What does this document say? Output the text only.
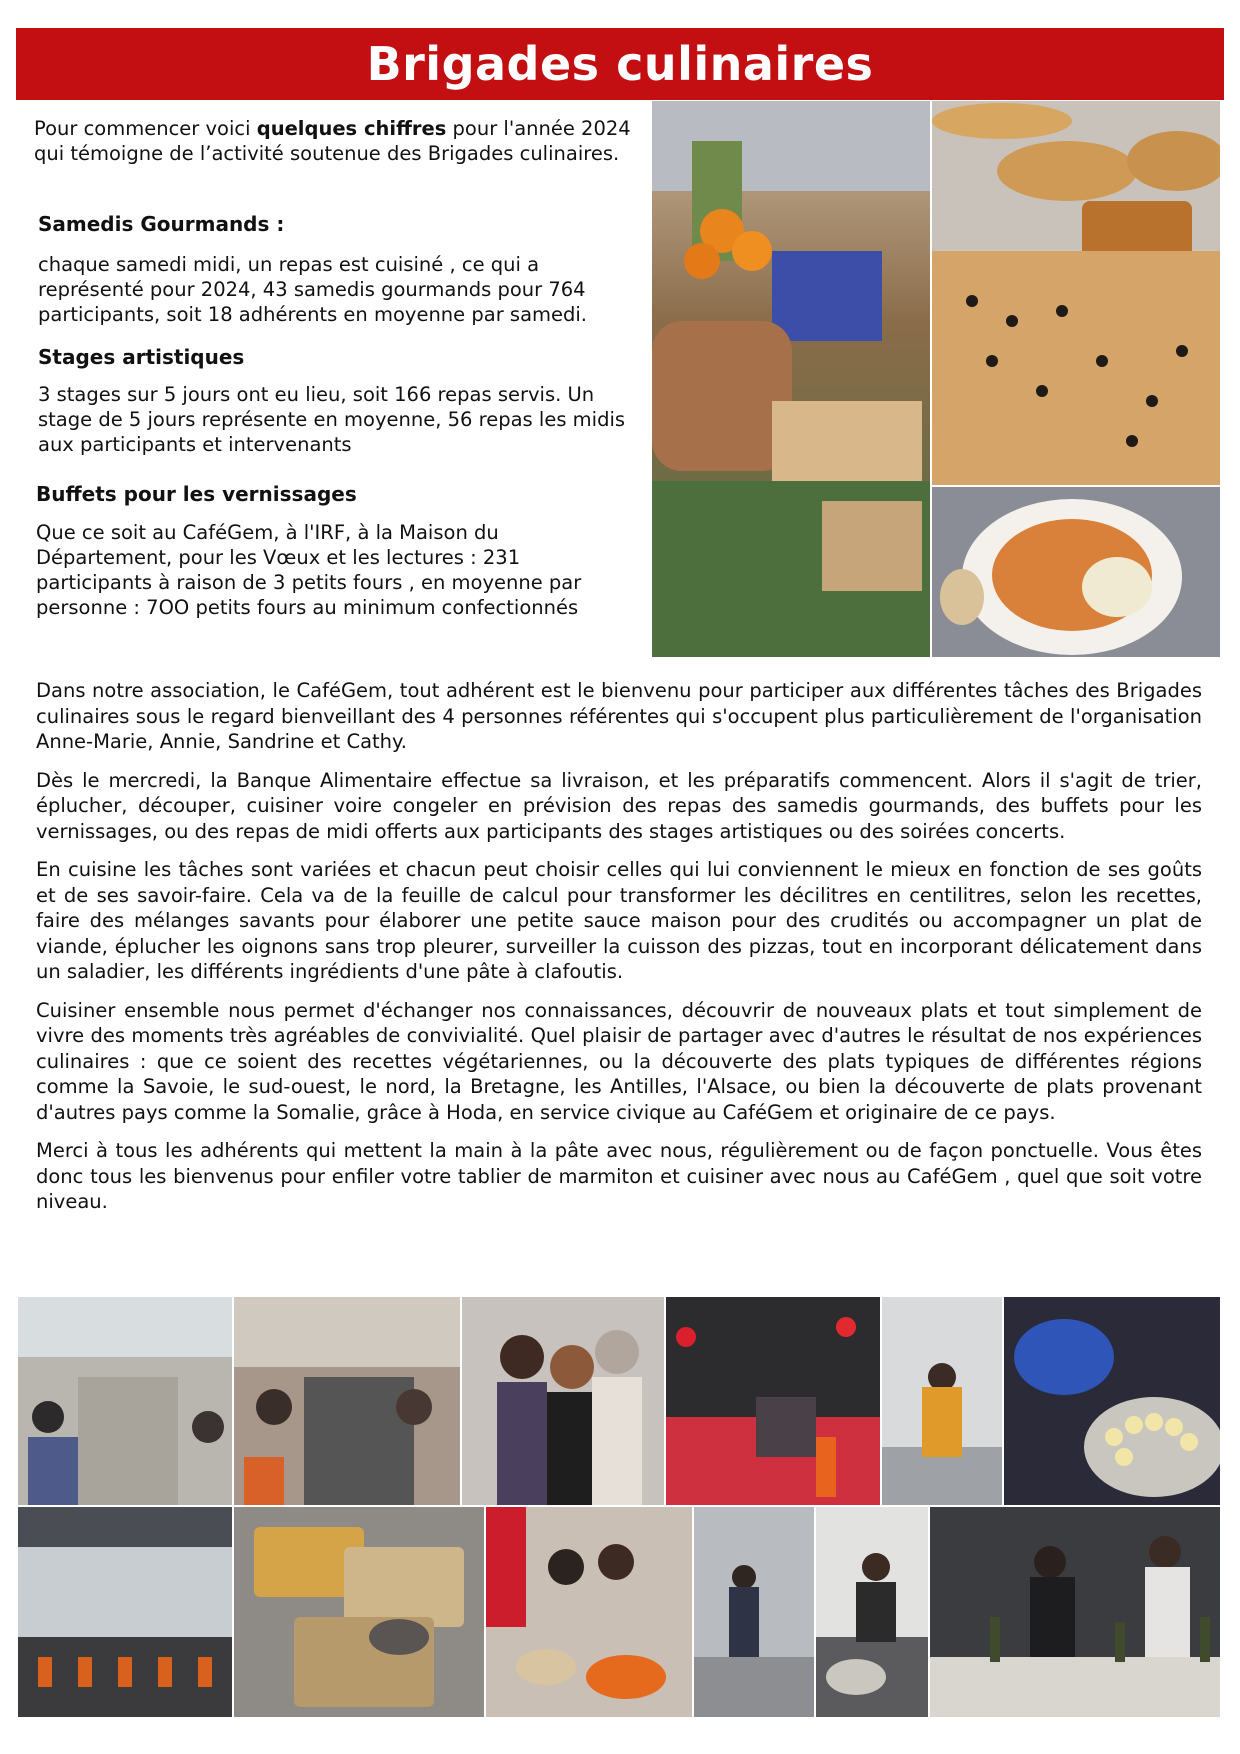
Brigades culinaires
Pour commencer voici quelques chiffres pour l'année 2024 qui témoigne de l’activité soutenue des Brigades culinaires.
Samedis Gourmands :
chaque samedi midi, un repas est cuisiné , ce qui a représenté pour 2024, 43 samedis gourmands pour 764 participants, soit 18 adhérents en moyenne par samedi.
Stages artistiques
3 stages sur 5 jours ont eu lieu, soit 166 repas servis. Un stage de 5 jours représente en moyenne, 56 repas les midis aux participants et intervenants
Buffets pour les vernissages
Que ce soit au CaféGem, à l'IRF, à la Maison du Département, pour les Vœux et les lectures : 231 participants à raison de 3 petits fours , en moyenne par personne : 7OO petits fours au minimum confectionnés

Dans notre association, le CaféGem, tout adhérent est le bienvenu pour participer aux différentes tâches des Brigades culinaires sous le regard bienveillant des 4 personnes référentes qui s'occupent plus particulièrement de l'organisation Anne-Marie, Annie, Sandrine et Cathy.

Dès le mercredi, la Banque Alimentaire effectue sa livraison, et les préparatifs commencent. Alors il s'agit de trier, éplucher, découper, cuisiner voire congeler en prévision des repas des samedis gourmands, des buffets pour les vernissages, ou des repas de midi offerts aux participants des stages artistiques ou des soirées concerts.

En cuisine les tâches sont variées et chacun peut choisir celles qui lui conviennent le mieux en fonction de ses goûts et de ses savoir-faire. Cela va de la feuille de calcul pour transformer les décilitres en centilitres, selon les recettes, faire des mélanges savants pour élaborer une petite sauce maison pour des crudités ou accompagner un plat de viande, éplucher les oignons sans trop pleurer, surveiller la cuisson des pizzas, tout en incorporant délicatement dans un saladier, les différents ingrédients d'une pâte à clafoutis.

Cuisiner ensemble nous permet d'échanger nos connaissances, découvrir de nouveaux plats et tout simplement de vivre des moments très agréables de convivialité. Quel plaisir de partager avec d'autres le résultat de nos expériences culinaires : que ce soient des recettes végétariennes, ou la découverte des plats typiques de différentes régions comme la Savoie, le sud-ouest, le nord, la Bretagne, les Antilles, l'Alsace, ou bien la découverte de plats provenant d'autres pays comme la Somalie, grâce à Hoda, en service civique au CaféGem et originaire de ce pays.

Merci à tous les adhérents qui mettent la main à la pâte avec nous, régulièrement ou de façon ponctuelle. Vous êtes donc tous les bienvenus pour enfiler votre tablier de marmiton et cuisiner avec nous au CaféGem , quel que soit votre niveau.
